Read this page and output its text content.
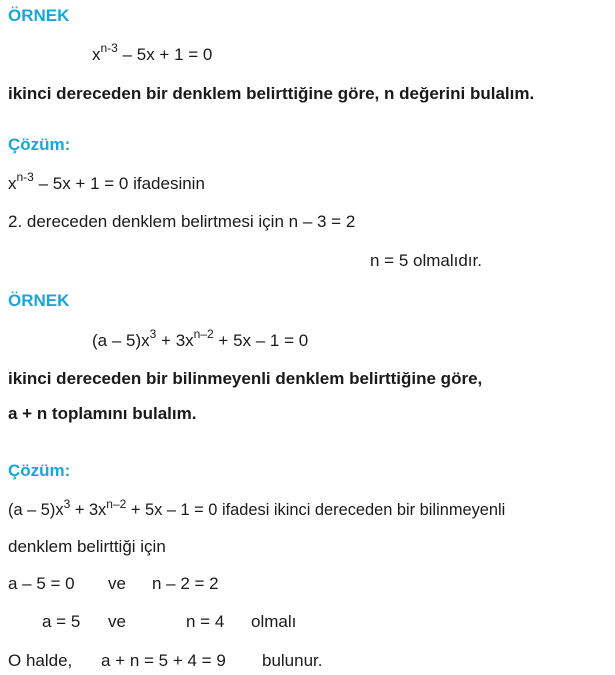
ÖRNEK
$x^{n-3} - 5x + 1 = 0$
ikinci dereceden bir denklem belirttiğine göre, n değerini bulalım.
Çözüm:
$x^{n-3} - 5x + 1 = 0$ ifadesinin
2. dereceden denklem belirtmesi için n – 3 = 2
n = 5 olmalıdır.
ÖRNEK
$(a - 5)x^3 + 3x^{n-2} + 5x - 1 = 0$
ikinci dereceden bir bilinmeyenli denklem belirttiğine göre,
a + n toplamını bulalım.
Çözüm:
$(a - 5)x^3 + 3x^{n-2} + 5x - 1 = 0$ ifadesi ikinci dereceden bir bilinmeyenli
denklem belirttiği için
a – 5 = 0 ve n – 2 = 2
a = 5 ve	n = 4 olmalı
O halde, a + n = 5 + 4 = 9 bulunur.
